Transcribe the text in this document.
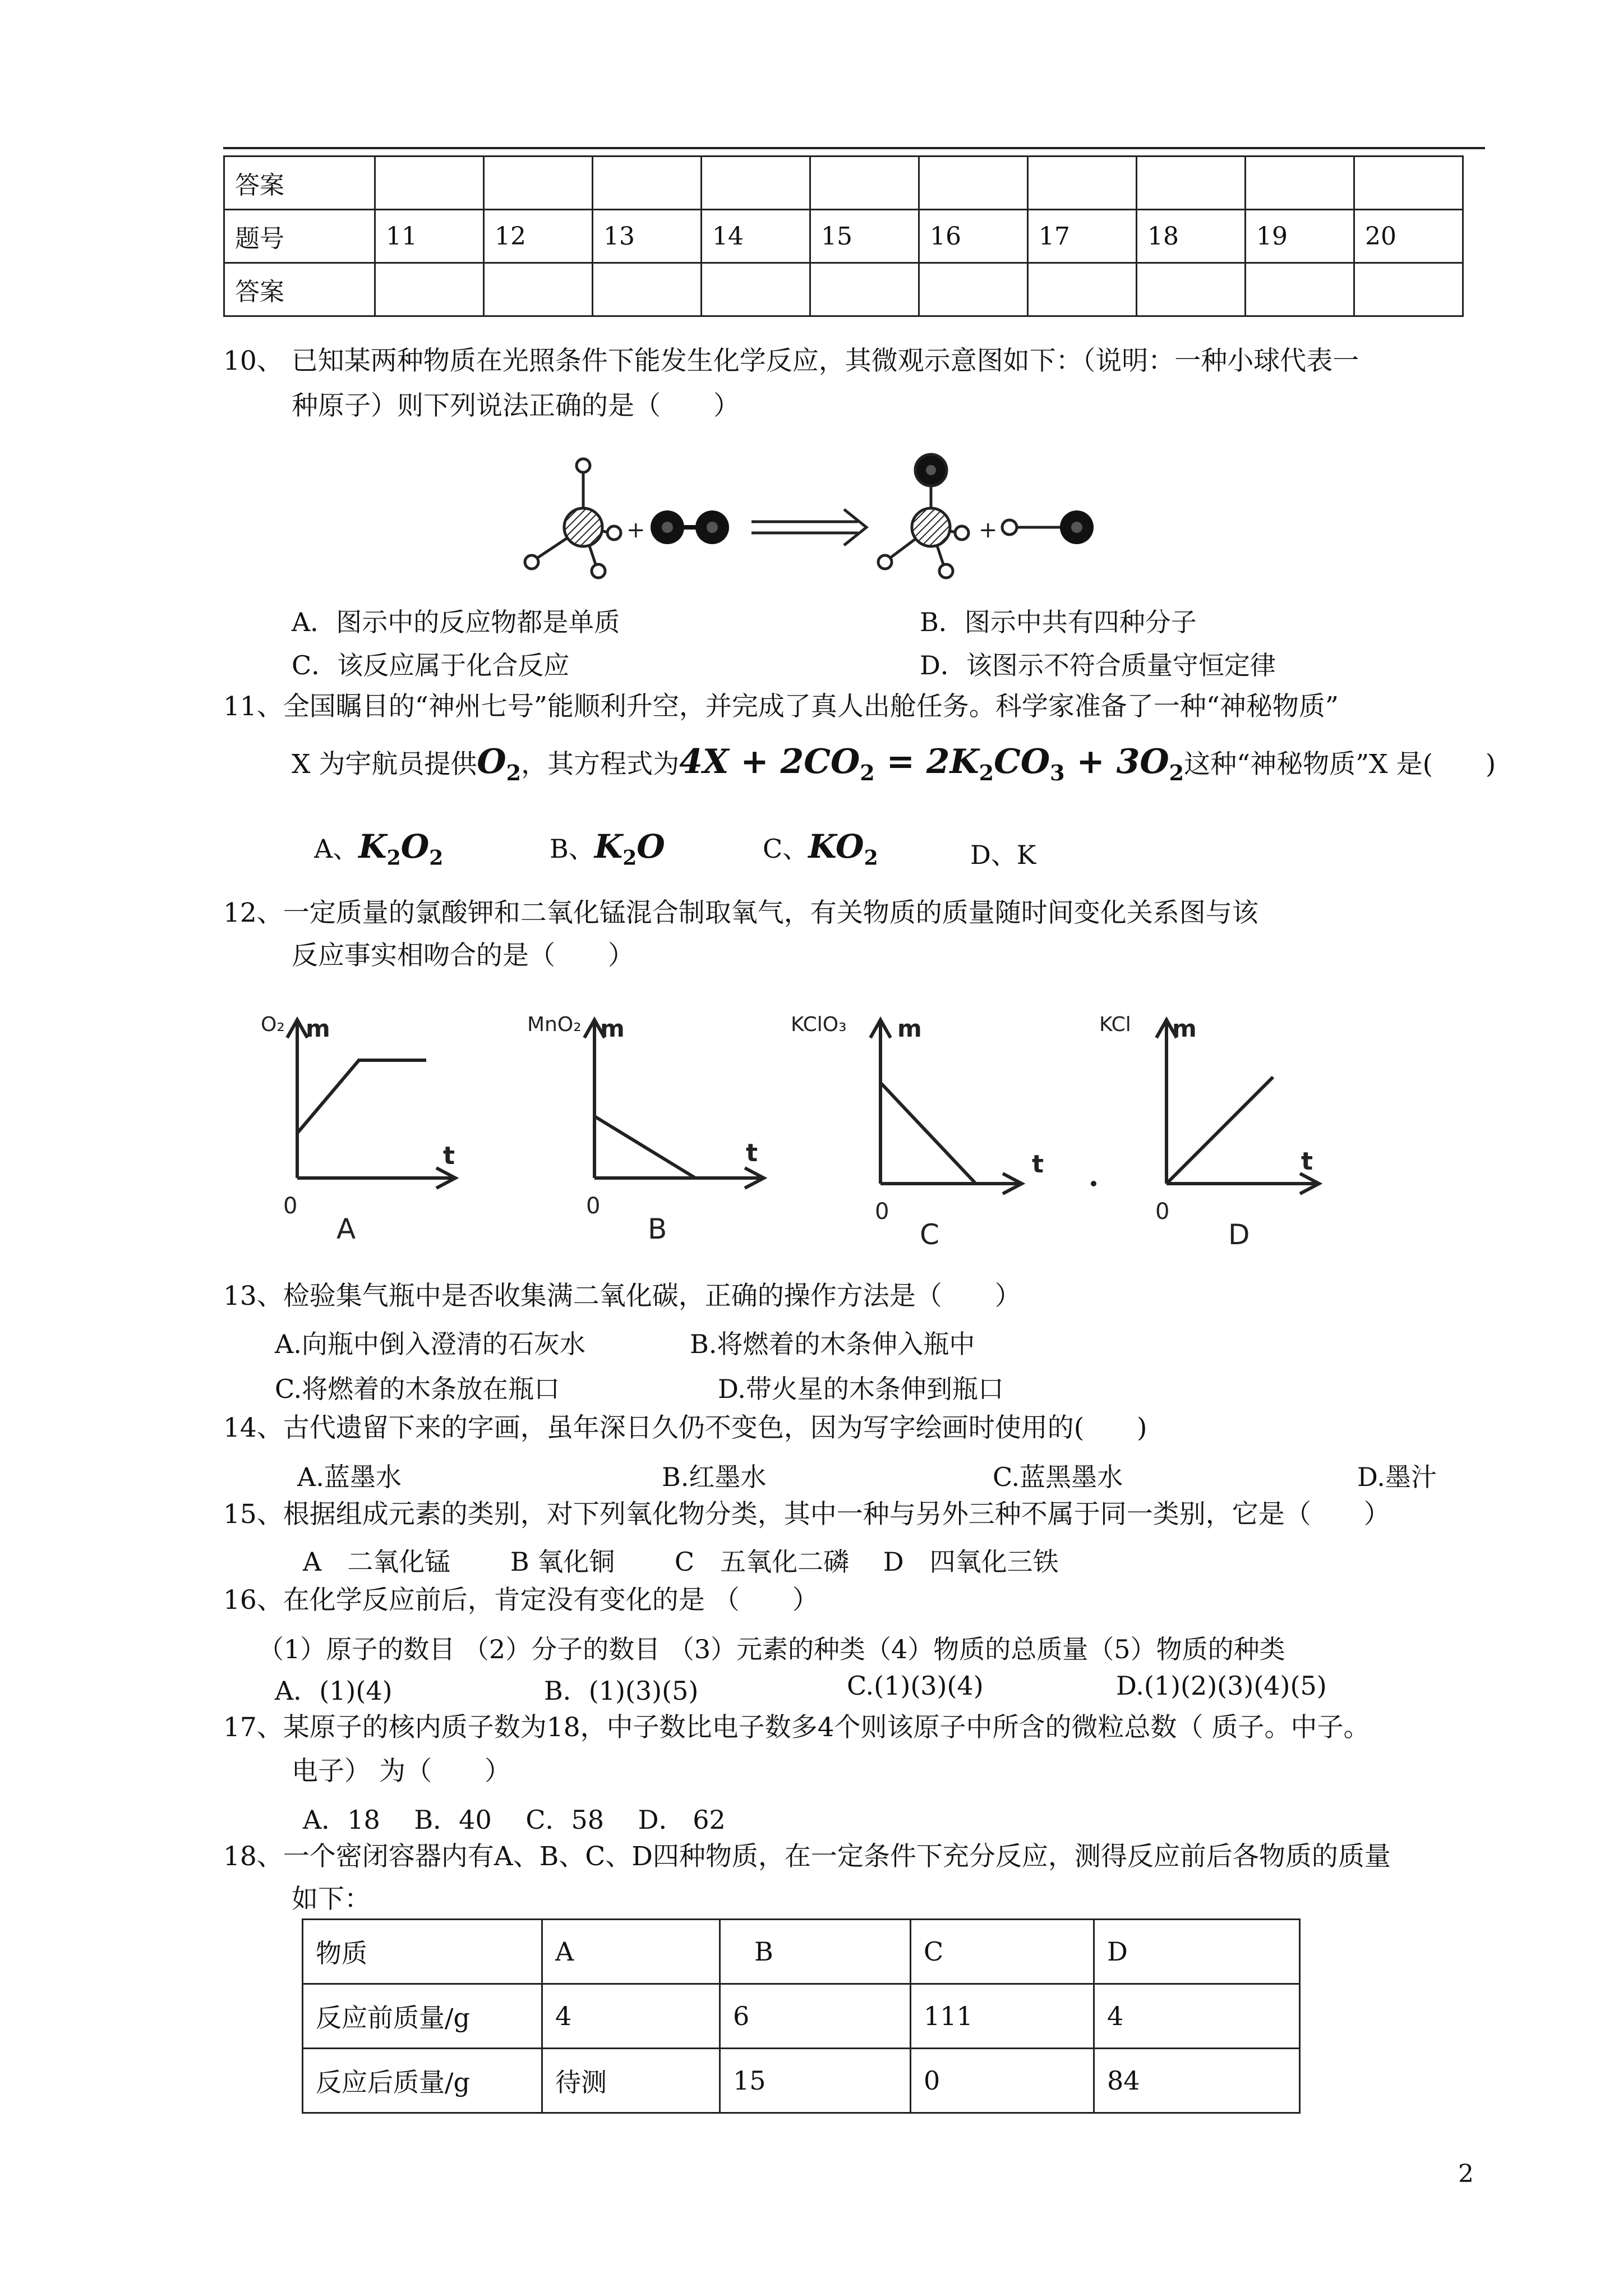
答案										
题号	11	12	13	14	15	16	17	18	19	20
答案										
10、 已知某两种物质在光照条件下能发生化学反应，其微观示意图如下：（说明：一种小球代表一
种原子）则下列说法正确的是（　　）
+	+
A．图示中的反应物都是单质	B．图示中共有四种分子
C．该反应属于化合反应	D．该图示不符合质量守恒定律
11、全国瞩目的“神州七号”能顺利升空，并完成了真人出舱任务。科学家准备了一种“神秘物质”
X 为宇航员提供$O_2$，其方程式为$4X + 2CO_2 = 2K_2CO_3 + 3O_2$这种“神秘物质”X 是(　　)
A、$K_2O_2$	B、$K_2O$	C、$KO_2$	D、K
12、一定质量的氯酸钾和二氧化锰混合制取氧气，有关物质的质量随时间变化关系图与该
反应事实相吻合的是（　　）
O₂ m
t
0
A
MnO₂ m
t
0
B
KClO₃ m
t
0
C
KCl m
t
0
D
13、检验集气瓶中是否收集满二氧化碳，正确的操作方法是（　　）
A.向瓶中倒入澄清的石灰水	B.将燃着的木条伸入瓶中
C.将燃着的木条放在瓶口	D.带火星的木条伸到瓶口
14、古代遗留下来的字画，虽年深日久仍不变色，因为写字绘画时使用的(　　)
A.蓝墨水	B.红墨水	C.蓝黑墨水	D.墨汁
15、根据组成元素的类别，对下列氧化物分类，其中一种与另外三种不属于同一类别，它是（　　）
A　二氧化锰　　 B 氧化铜　　 C　五氧化二磷　 D　四氧化三铁
16、在化学反应前后，肯定没有变化的是 （　　）
（1）原子的数目 （2）分子的数目 （3）元素的种类（4）物质的总质量（5）物质的种类
A．(1)(4)	B．(1)(3)(5)	C.(1)(3)(4)	D.(1)(2)(3)(4)(5)
17、某原子的核内质子数为18，中子数比电子数多4个则该原子中所含的微粒总数（ 质子。中子。
电子） 为（　　）
A．18　 B．40　 C．58　 D． 62
18、一个密闭容器内有A、B、C、D四种物质，在一定条件下充分反应，测得反应前后各物质的质量
如下：
物质	A	B	C	D
反应前质量/g	4	6	111	4
反应后质量/g	待测	15	0	84
2
